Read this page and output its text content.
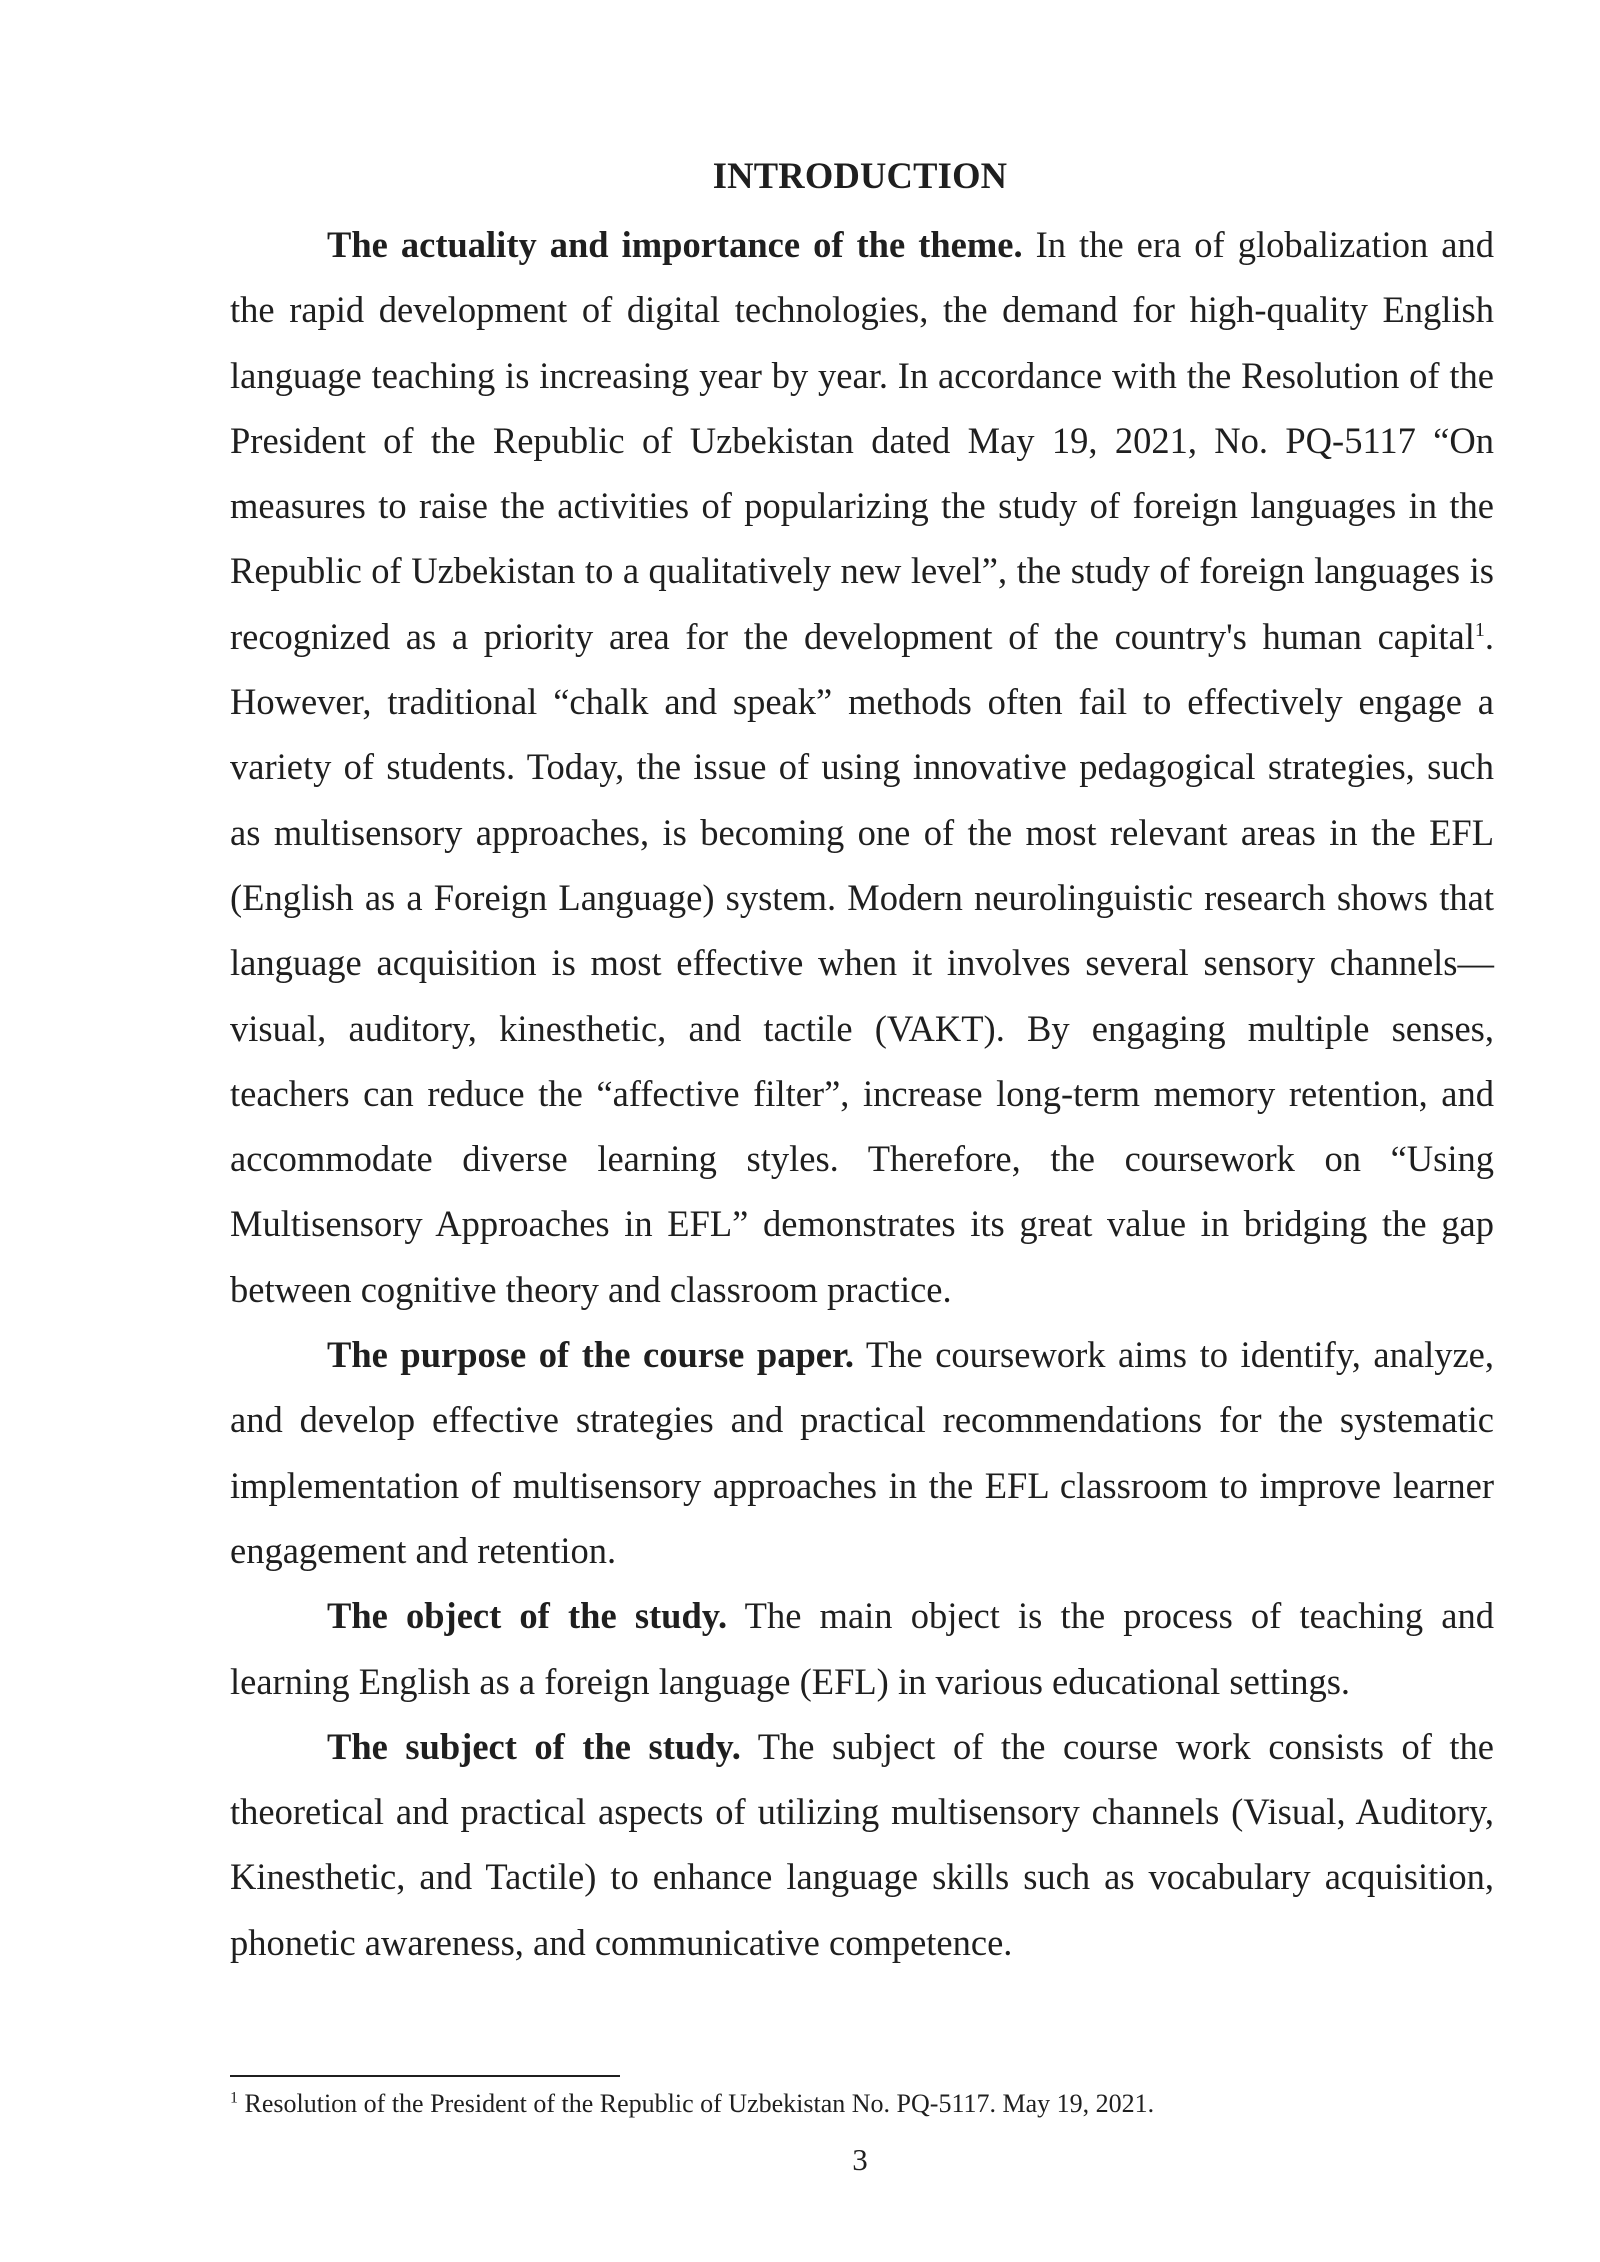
INTRODUCTION

The actuality and importance of the theme. In the era of globalization and the rapid development of digital technologies, the demand for high-quality English language teaching is increasing year by year. In accordance with the Resolution of the President of the Republic of Uzbekistan dated May 19, 2021, No. PQ-5117 “On measures to raise the activities of popularizing the study of foreign languages in the Republic of Uzbekistan to a qualitatively new level”, the study of foreign languages is recognized as a priority area for the development of the country's human capital$^1$. However, traditional “chalk and speak” methods often fail to effectively engage a variety of students. Today, the issue of using innovative pedagogical strategies, such as multisensory approaches, is becoming one of the most relevant areas in the EFL (English as a Foreign Language) system. Modern neurolinguistic research shows that language acquisition is most effective when it involves several sensory channels—visual, auditory, kinesthetic, and tactile (VAKT). By engaging multiple senses, teachers can reduce the “affective filter”, increase long-term memory retention, and accommodate diverse learning styles. Therefore, the coursework on “Using Multisensory Approaches in EFL” demonstrates its great value in bridging the gap between cognitive theory and classroom practice.

The purpose of the course paper. The coursework aims to identify, analyze, and develop effective strategies and practical recommendations for the systematic implementation of multisensory approaches in the EFL classroom to improve learner engagement and retention.

The object of the study. The main object is the process of teaching and learning English as a foreign language (EFL) in various educational settings.

The subject of the study. The subject of the course work consists of the theoretical and practical aspects of utilizing multisensory channels (Visual, Auditory, Kinesthetic, and Tactile) to enhance language skills such as vocabulary acquisition, phonetic awareness, and communicative competence.

$^1$ Resolution of the President of the Republic of Uzbekistan No. PQ-5117. May 19, 2021.
3
